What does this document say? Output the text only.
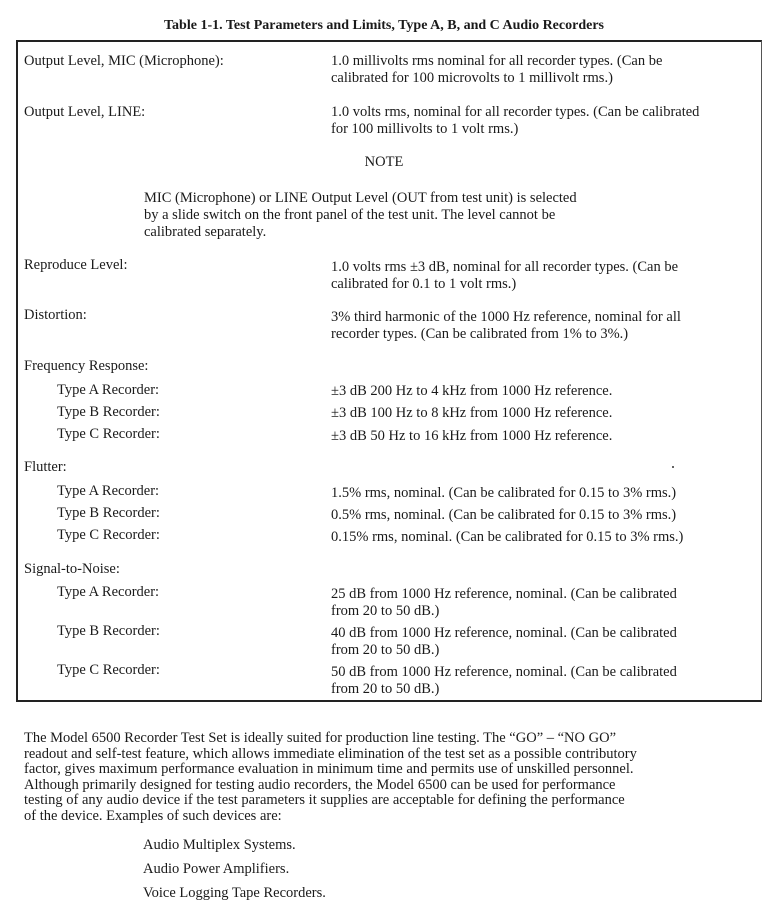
Table 1-1. Test Parameters and Limits, Type A, B, and C Audio Recorders
Output Level, MIC (Microphone):	1.0 millivolts rms nominal for all recorder types. (Can be
calibrated for 100 microvolts to 1 millivolt rms.)
Output Level, LINE:	1.0 volts rms, nominal for all recorder types. (Can be calibrated
for 100 millivolts to 1 volt rms.)
NOTE
MIC (Microphone) or LINE Output Level (OUT from test unit) is selected
by a slide switch on the front panel of the test unit. The level cannot be
calibrated separately.
Reproduce Level:	1.0 volts rms ±3 dB, nominal for all recorder types. (Can be
calibrated for 0.1 to 1 volt rms.)
Distortion:	3% third harmonic of the 1000 Hz reference, nominal for all
recorder types. (Can be calibrated from 1% to 3%.)
Frequency Response:
Type A Recorder:	±3 dB 200 Hz to 4 kHz from 1000 Hz reference.
Type B Recorder:	±3 dB 100 Hz to 8 kHz from 1000 Hz reference.
Type C Recorder:	±3 dB 50 Hz to 16 kHz from 1000 Hz reference.
Flutter:
Type A Recorder:	1.5% rms, nominal. (Can be calibrated for 0.15 to 3% rms.)
Type B Recorder:	0.5% rms, nominal. (Can be calibrated for 0.15 to 3% rms.)
Type C Recorder:	0.15% rms, nominal. (Can be calibrated for 0.15 to 3% rms.)
Signal-to-Noise:
Type A Recorder:	25 dB from 1000 Hz reference, nominal. (Can be calibrated
from 20 to 50 dB.)
Type B Recorder:	40 dB from 1000 Hz reference, nominal. (Can be calibrated
from 20 to 50 dB.)
Type C Recorder:	50 dB from 1000 Hz reference, nominal. (Can be calibrated
from 20 to 50 dB.)
The Model 6500 Recorder Test Set is ideally suited for production line testing. The “GO” – “NO GO”
readout and self-test feature, which allows immediate elimination of the test set as a possible contributory
factor, gives maximum performance evaluation in minimum time and permits use of unskilled personnel.
Although primarily designed for testing audio recorders, the Model 6500 can be used for performance
testing of any audio device if the test parameters it supplies are acceptable for defining the performance
of the device. Examples of such devices are:
Audio Multiplex Systems.
Audio Power Amplifiers.
Voice Logging Tape Recorders.
